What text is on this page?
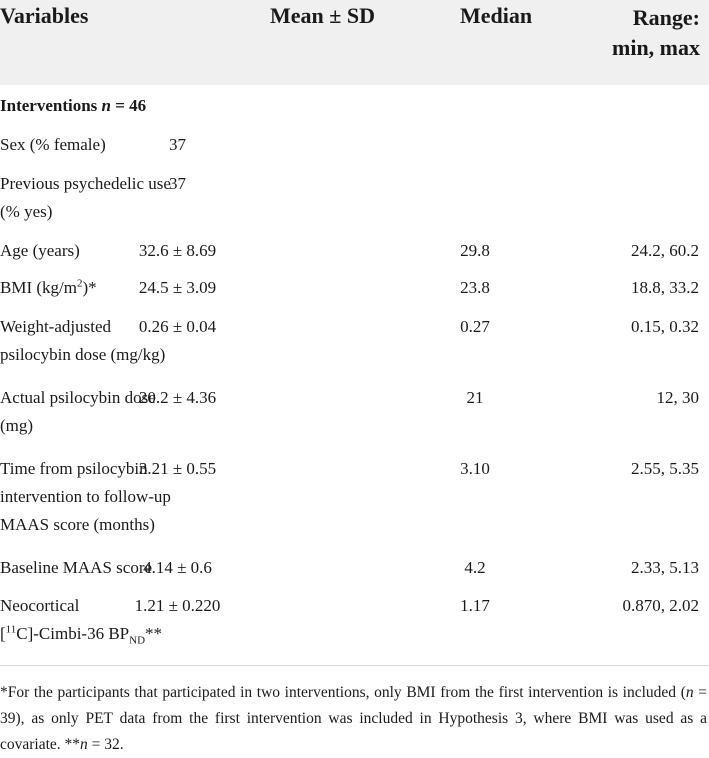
Variables	Mean ± SD	Median	Range:
min, max
Interventions n = 46
Sex (% female)	37
Previous psychedelic use
(% yes)
37
Age (years)	32.6 ± 8.69	29.8	24.2, 60.2
BMI $(kg/m^2)*$	24.5 ± 3.09	23.8	18.8, 33.2
Weight-adjusted
psilocybin dose (mg/kg)
0.26 ± 0.04	0.27	0.15, 0.32
Actual psilocybin dose
(mg)
20.2 ± 4.36	21	12, 30
Time from psilocybin
intervention to follow-up
MAAS score (months)
3.21 ± 0.55	3.10	2.55, 5.35
Baseline MAAS score
4.14 ± 0.6	4.2	2.33, 5.13
Neocortical
[$^{11}$C]-Cimbi-36 $BP_{ND}**$
1.21 ± 0.220	1.17	0.870, 2.02
*For the participants that participated in two interventions, only BMI from the first intervention is included (n = 39), as only PET data from the first intervention was included in Hypothesis 3, where BMI was used as a covariate. **n = 32.
